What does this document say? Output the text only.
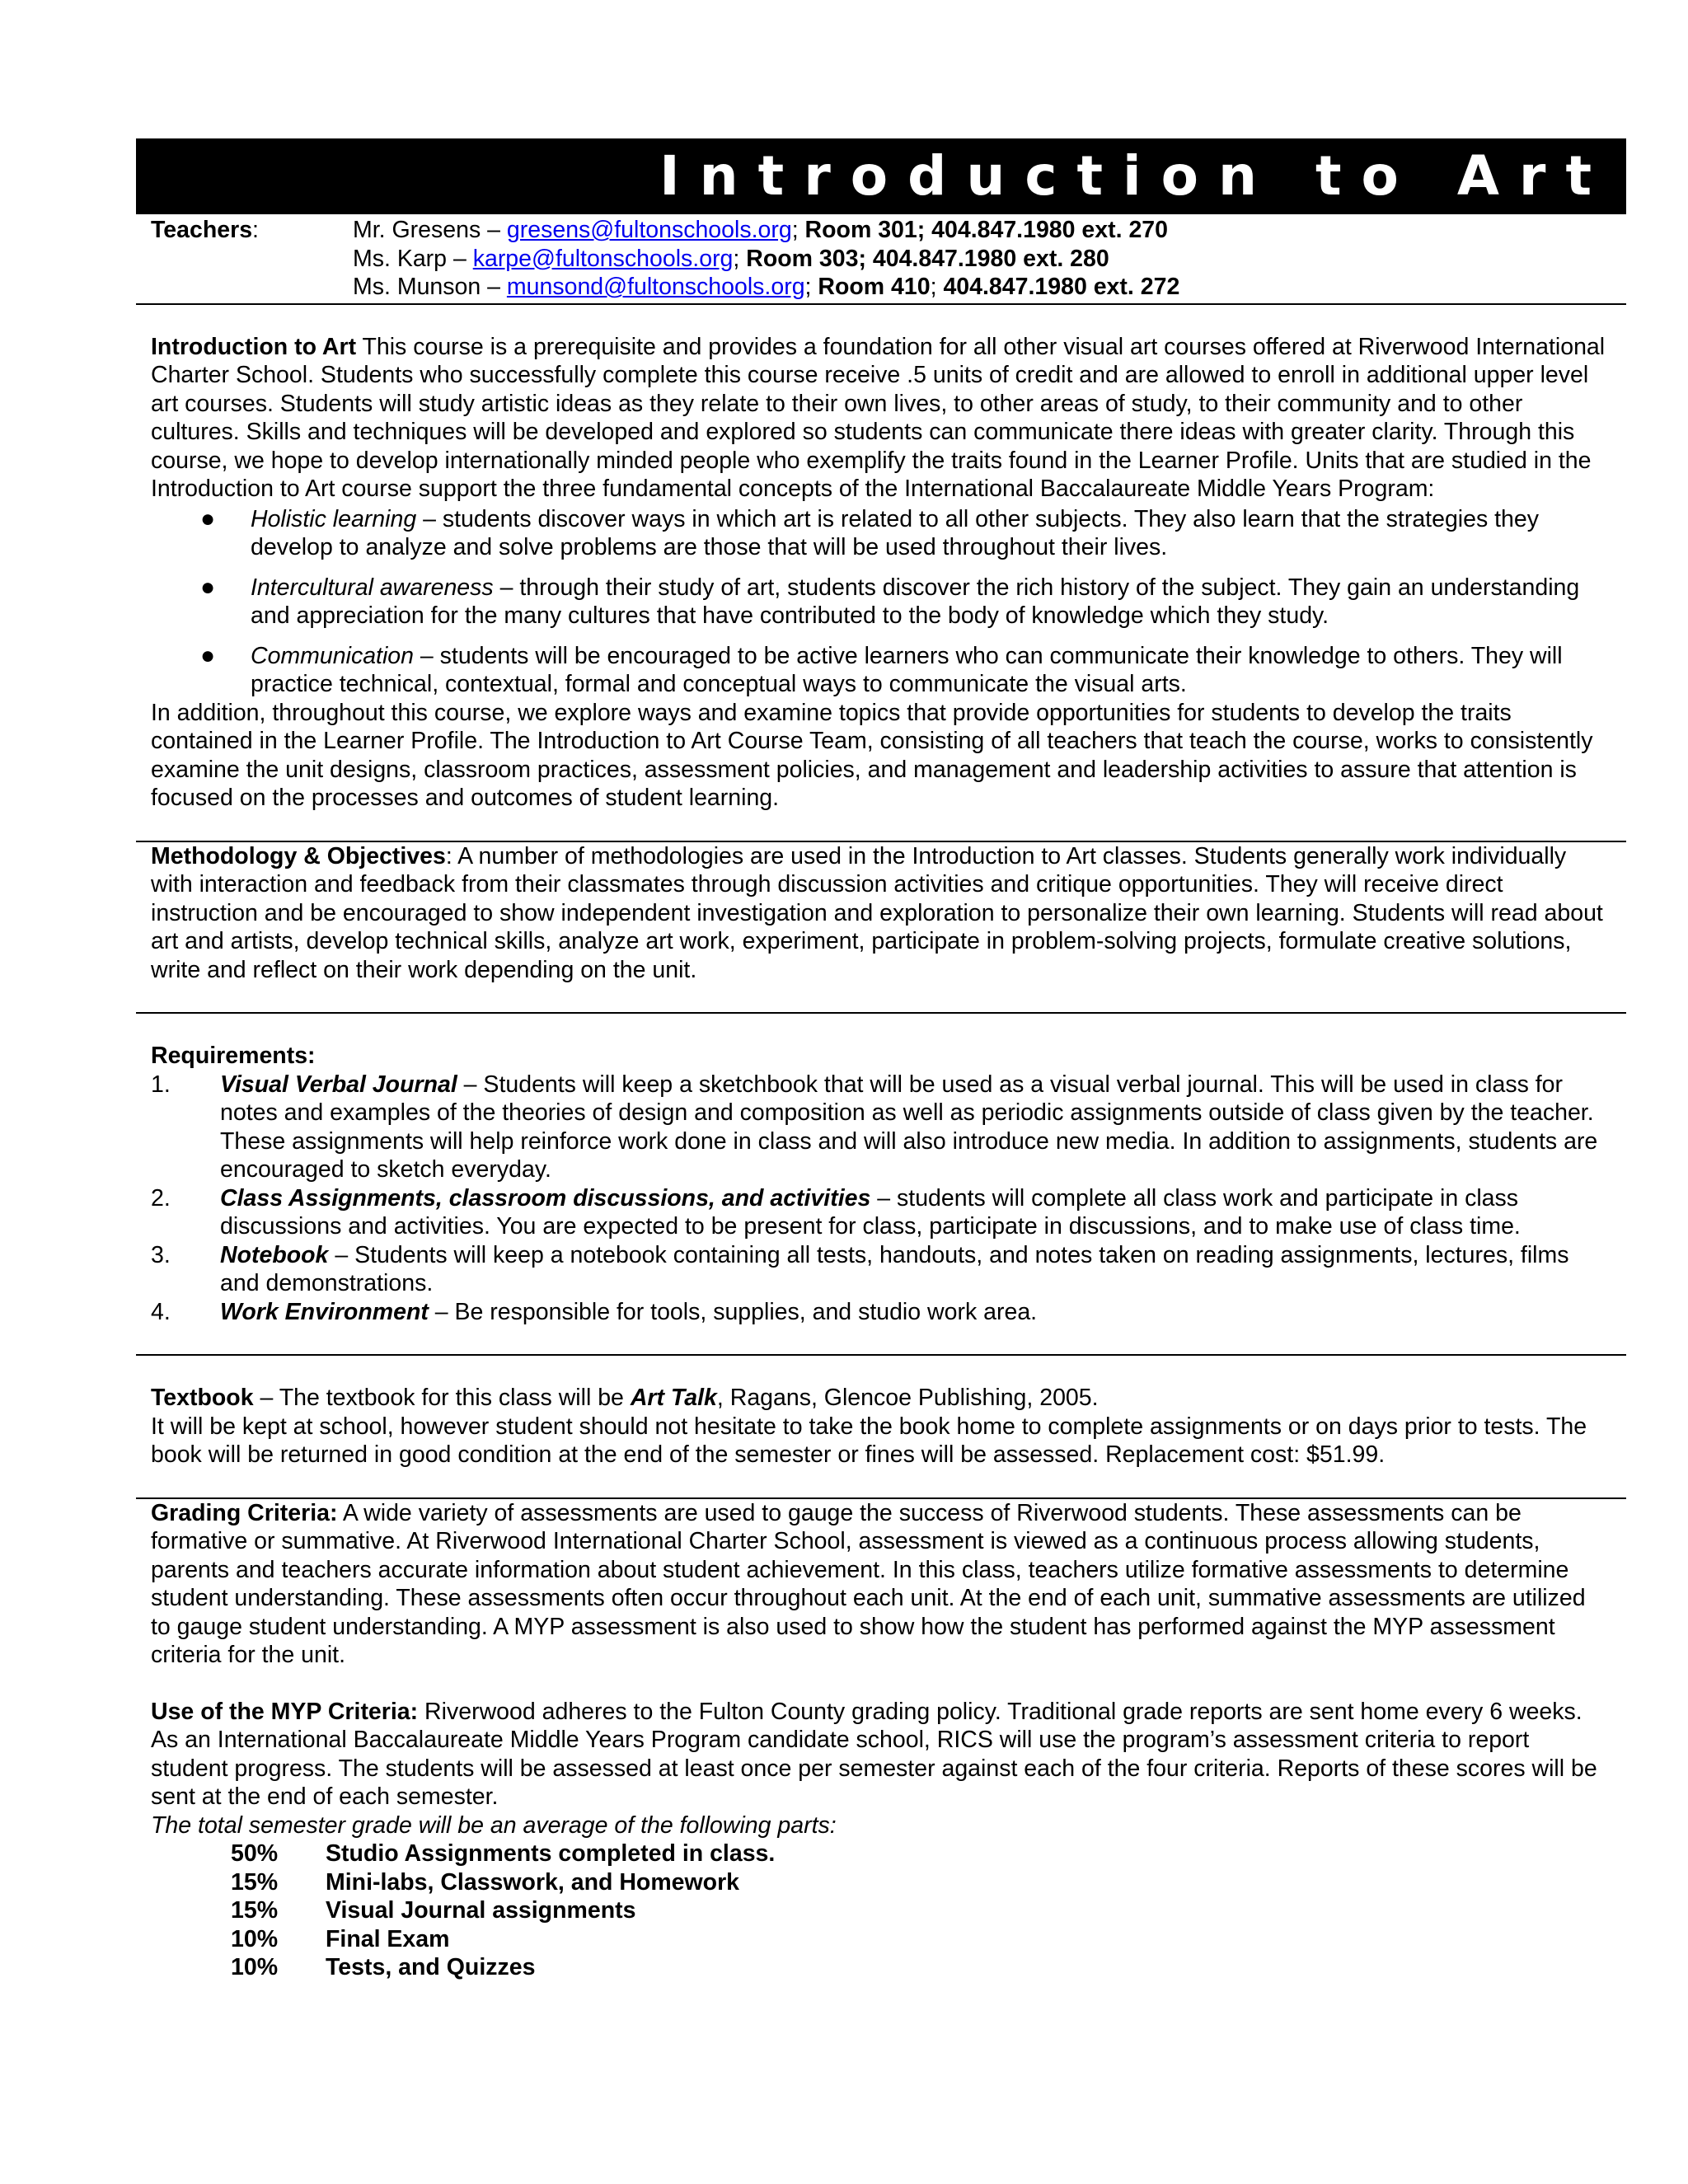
Introduction to Art
Teachers:	Mr. Gresens – gresens@fultonschools.org; Room 301; 404.847.1980 ext. 270
Ms. Karp – karpe@fultonschools.org; Room 303; 404.847.1980 ext. 280
Ms. Munson – munsond@fultonschools.org; Room 410; 404.847.1980 ext. 272
Introduction to Art This course is a prerequisite and provides a foundation for all other visual art courses offered at Riverwood International Charter School. Students who successfully complete this course receive .5 units of credit and are allowed to enroll in additional upper level art courses. Students will study artistic ideas as they relate to their own lives, to other areas of study, to their community and to other cultures. Skills and techniques will be developed and explored so students can communicate there ideas with greater clarity. Through this course, we hope to develop internationally minded people who exemplify the traits found in the Learner Profile. Units that are studied in the Introduction to Art course support the three fundamental concepts of the International Baccalaureate Middle Years Program:
● Holistic learning – students discover ways in which art is related to all other subjects. They also learn that the strategies they develop to analyze and solve problems are those that will be used throughout their lives.
● Intercultural awareness – through their study of art, students discover the rich history of the subject. They gain an understanding and appreciation for the many cultures that have contributed to the body of knowledge which they study.
● Communication – students will be encouraged to be active learners who can communicate their knowledge to others. They will practice technical, contextual, formal and conceptual ways to communicate the visual arts.
In addition, throughout this course, we explore ways and examine topics that provide opportunities for students to develop the traits contained in the Learner Profile. The Introduction to Art Course Team, consisting of all teachers that teach the course, works to consistently examine the unit designs, classroom practices, assessment policies, and management and leadership activities to assure that attention is focused on the processes and outcomes of student learning.
Methodology & Objectives: A number of methodologies are used in the Introduction to Art classes. Students generally work individually with interaction and feedback from their classmates through discussion activities and critique opportunities. They will receive direct instruction and be encouraged to show independent investigation and exploration to personalize their own learning. Students will read about art and artists, develop technical skills, analyze art work, experiment, participate in problem-solving projects, formulate creative solutions, write and reflect on their work depending on the unit.
Requirements:
1. Visual Verbal Journal – Students will keep a sketchbook that will be used as a visual verbal journal. This will be used in class for notes and examples of the theories of design and composition as well as periodic assignments outside of class given by the teacher. These assignments will help reinforce work done in class and will also introduce new media. In addition to assignments, students are encouraged to sketch everyday.
2. Class Assignments, classroom discussions, and activities – students will complete all class work and participate in class discussions and activities. You are expected to be present for class, participate in discussions, and to make use of class time.
3. Notebook – Students will keep a notebook containing all tests, handouts, and notes taken on reading assignments, lectures, films and demonstrations.
4. Work Environment – Be responsible for tools, supplies, and studio work area.
Textbook – The textbook for this class will be Art Talk, Ragans, Glencoe Publishing, 2005.
It will be kept at school, however student should not hesitate to take the book home to complete assignments or on days prior to tests. The book will be returned in good condition at the end of the semester or fines will be assessed. Replacement cost: $51.99.
Grading Criteria: A wide variety of assessments are used to gauge the success of Riverwood students. These assessments can be formative or summative. At Riverwood International Charter School, assessment is viewed as a continuous process allowing students, parents and teachers accurate information about student achievement. In this class, teachers utilize formative assessments to determine student understanding. These assessments often occur throughout each unit. At the end of each unit, summative assessments are utilized to gauge student understanding. A MYP assessment is also used to show how the student has performed against the MYP assessment criteria for the unit.
Use of the MYP Criteria: Riverwood adheres to the Fulton County grading policy. Traditional grade reports are sent home every 6 weeks. As an International Baccalaureate Middle Years Program candidate school, RICS will use the program’s assessment criteria to report student progress. The students will be assessed at least once per semester against each of the four criteria. Reports of these scores will be sent at the end of each semester.
The total semester grade will be an average of the following parts:
50% Studio Assignments completed in class.
15% Mini-labs, Classwork, and Homework
15% Visual Journal assignments
10% Final Exam
10% Tests, and Quizzes
